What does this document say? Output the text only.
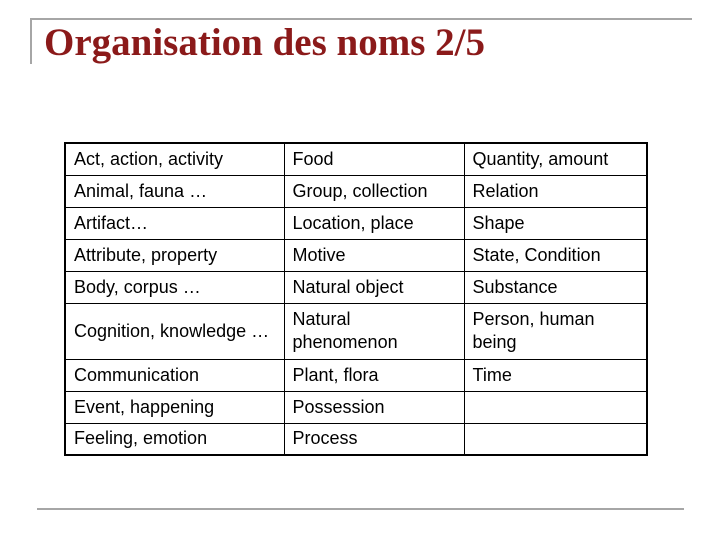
Organisation des noms 2/5
Act, action, activity	Food	Quantity, amount
Animal, fauna …	Group, collection	Relation
Artifact…	Location, place	Shape
Attribute, property	Motive	State, Condition
Body, corpus …	Natural object	Substance
Cognition, knowledge …	Natural phenomenon	Person, human being
Communication	Plant, flora	Time
Event, happening	Possession	
Feeling, emotion	Process	
